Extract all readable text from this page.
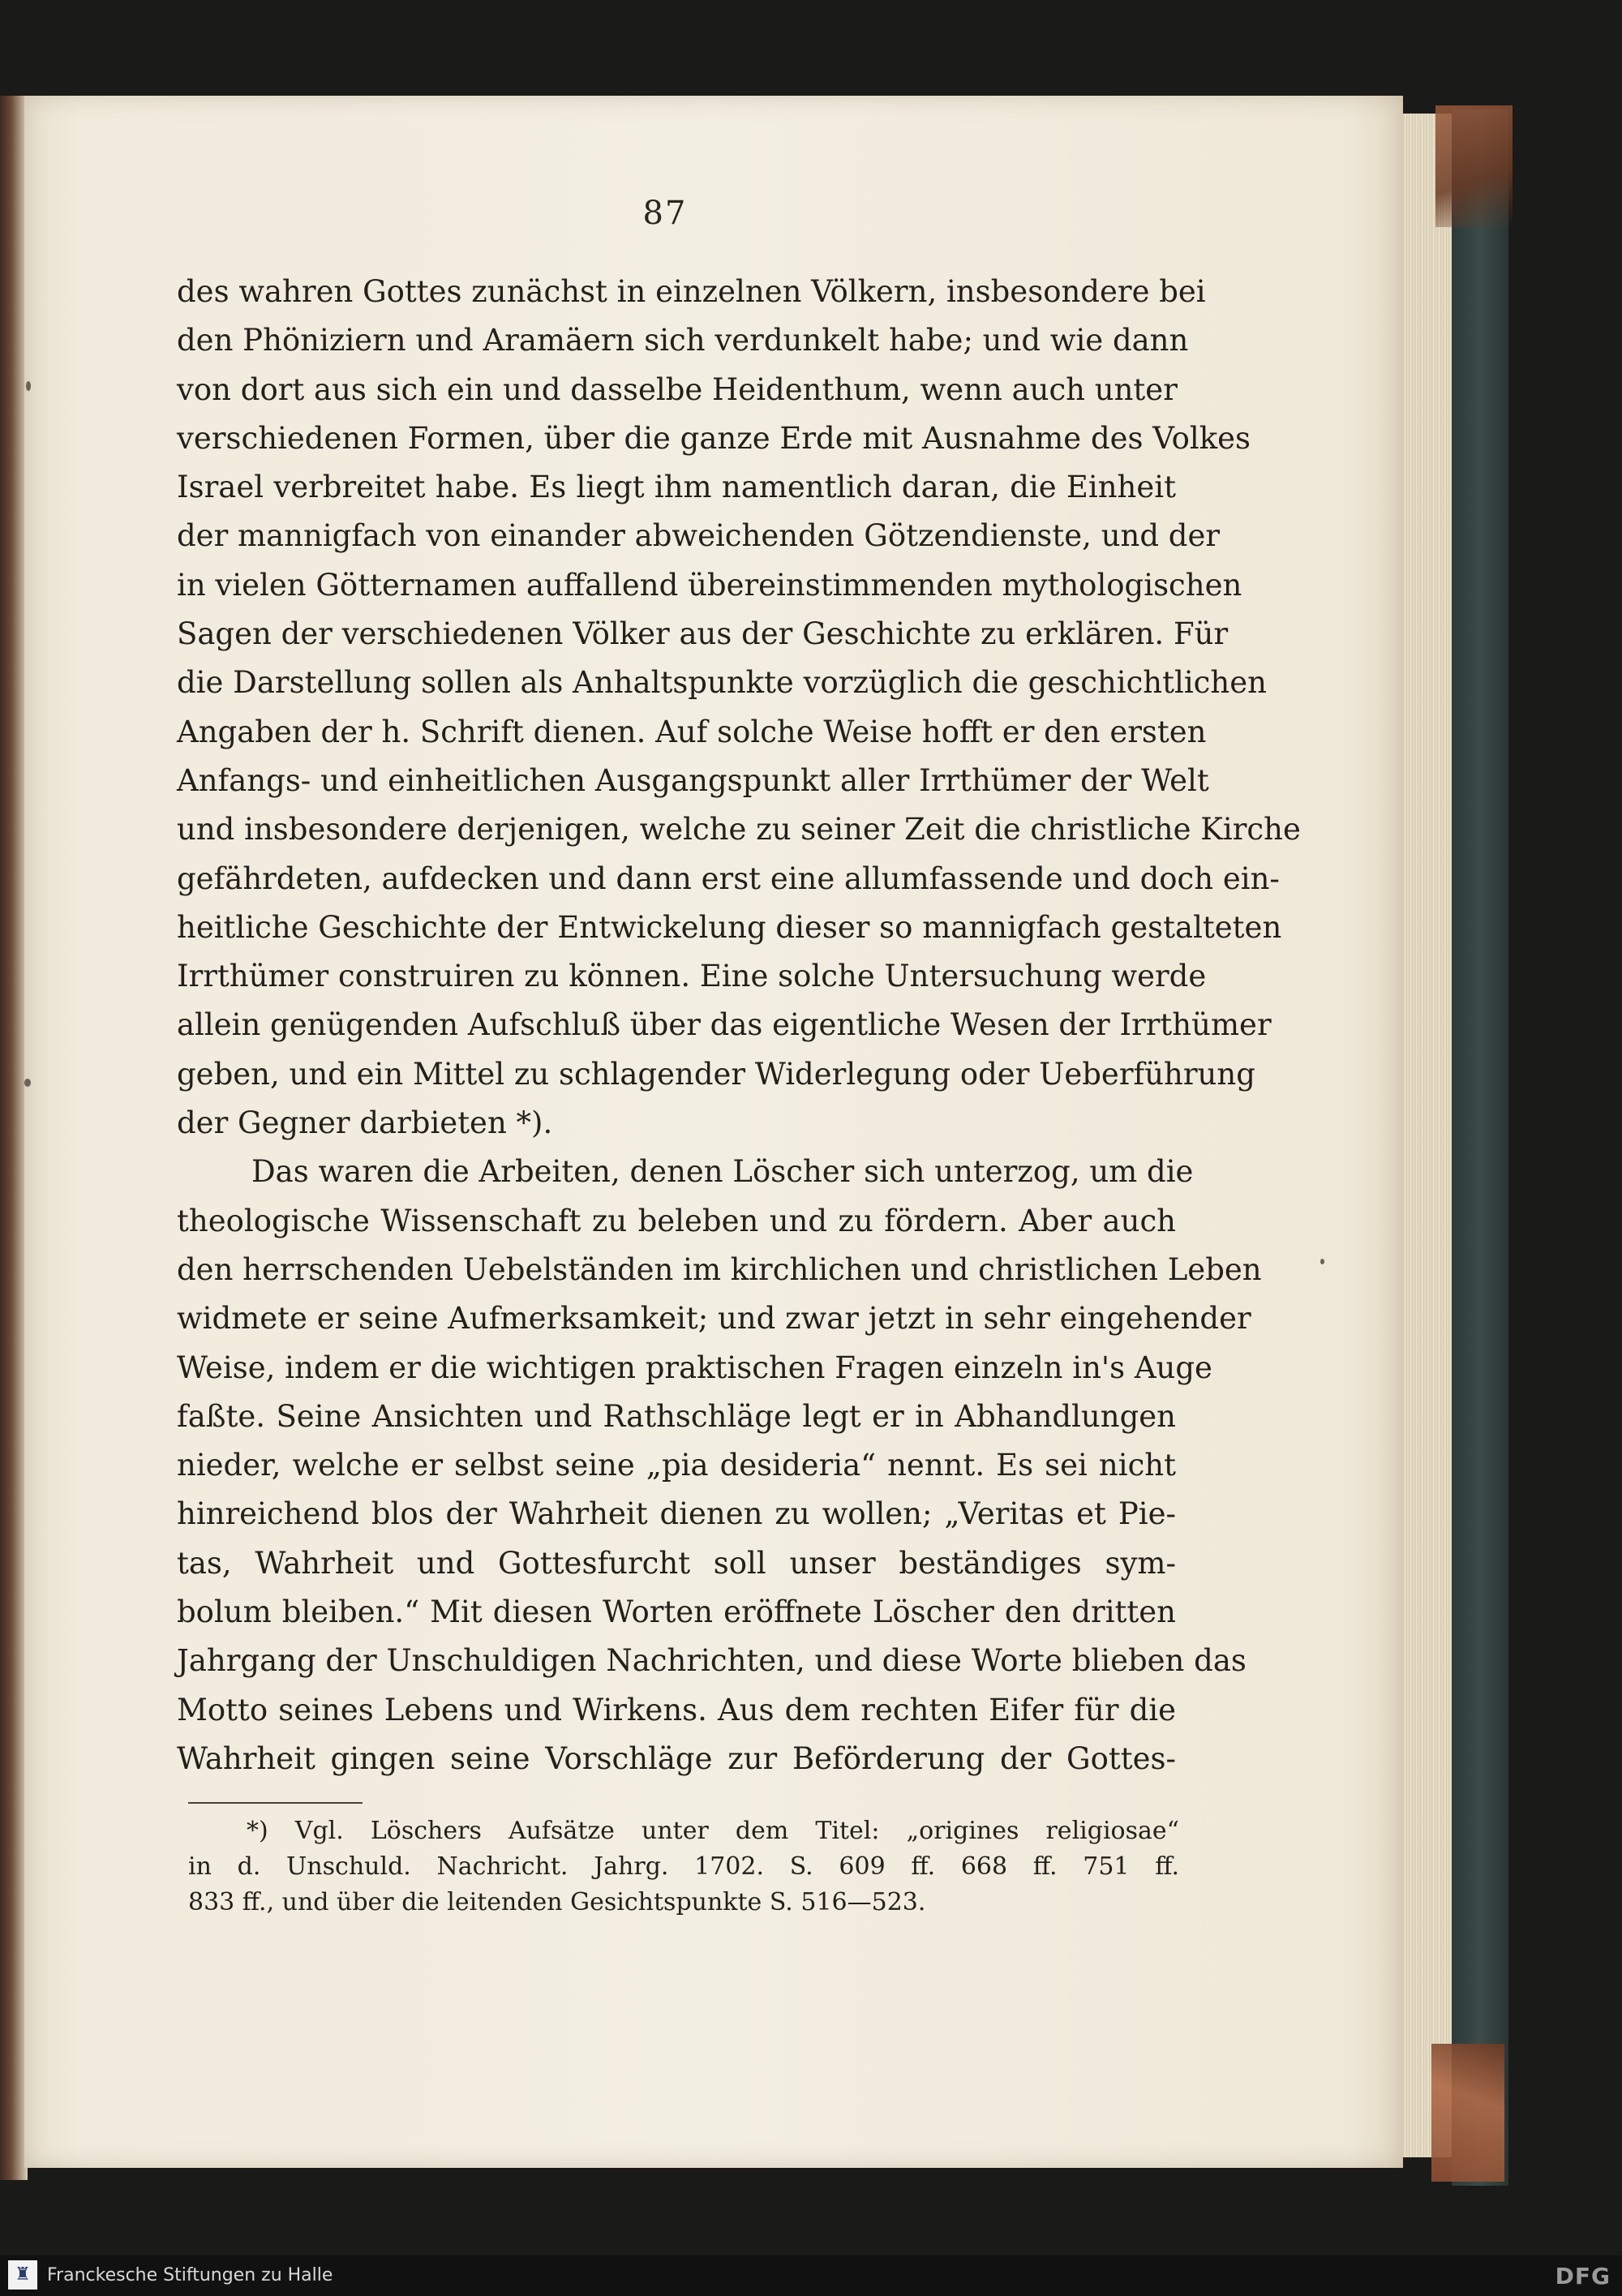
87
des wahren Gottes zunächst in einzelnen Völkern, insbesondere bei
den Phöniziern und Aramäern sich verdunkelt habe; und wie dann
von dort aus sich ein und dasselbe Heidenthum, wenn auch unter
verschiedenen Formen, über die ganze Erde mit Ausnahme des Volkes
Israel verbreitet habe. Es liegt ihm namentlich daran, die Einheit
der mannigfach von einander abweichenden Götzendienste, und der
in vielen Götternamen auffallend übereinstimmenden mythologischen
Sagen der verschiedenen Völker aus der Geschichte zu erklären. Für
die Darstellung sollen als Anhaltspunkte vorzüglich die geschichtlichen
Angaben der h. Schrift dienen. Auf solche Weise hofft er den ersten
Anfangs- und einheitlichen Ausgangspunkt aller Irrthümer der Welt
und insbesondere derjenigen, welche zu seiner Zeit die christliche Kirche
gefährdeten, aufdecken und dann erst eine allumfassende und doch ein-
heitliche Geschichte der Entwickelung dieser so mannigfach gestalteten
Irrthümer construiren zu können. Eine solche Untersuchung werde
allein genügenden Aufschluß über das eigentliche Wesen der Irrthümer
geben, und ein Mittel zu schlagender Widerlegung oder Ueberführung
der Gegner darbieten *).
Das waren die Arbeiten, denen Löscher sich unterzog, um die
theologische Wissenschaft zu beleben und zu fördern. Aber auch
den herrschenden Uebelständen im kirchlichen und christlichen Leben
widmete er seine Aufmerksamkeit; und zwar jetzt in sehr eingehender
Weise, indem er die wichtigen praktischen Fragen einzeln in's Auge
faßte. Seine Ansichten und Rathschläge legt er in Abhandlungen
nieder, welche er selbst seine „pia desideria“ nennt. Es sei nicht
hinreichend blos der Wahrheit dienen zu wollen; „Veritas et Pie-
tas, Wahrheit und Gottesfurcht soll unser beständiges sym-
bolum bleiben.“ Mit diesen Worten eröffnete Löscher den dritten
Jahrgang der Unschuldigen Nachrichten, und diese Worte blieben das
Motto seines Lebens und Wirkens. Aus dem rechten Eifer für die
Wahrheit gingen seine Vorschläge zur Beförderung der Gottes-
*) Vgl. Löschers Aufsätze unter dem Titel: „origines religiosae“
in d. Unschuld. Nachricht. Jahrg. 1702. S. 609 ff. 668 ff. 751 ff.
833 ff., und über die leitenden Gesichtspunkte S. 516—523.
♜ Franckesche Stiftungen zu Halle	DFG
